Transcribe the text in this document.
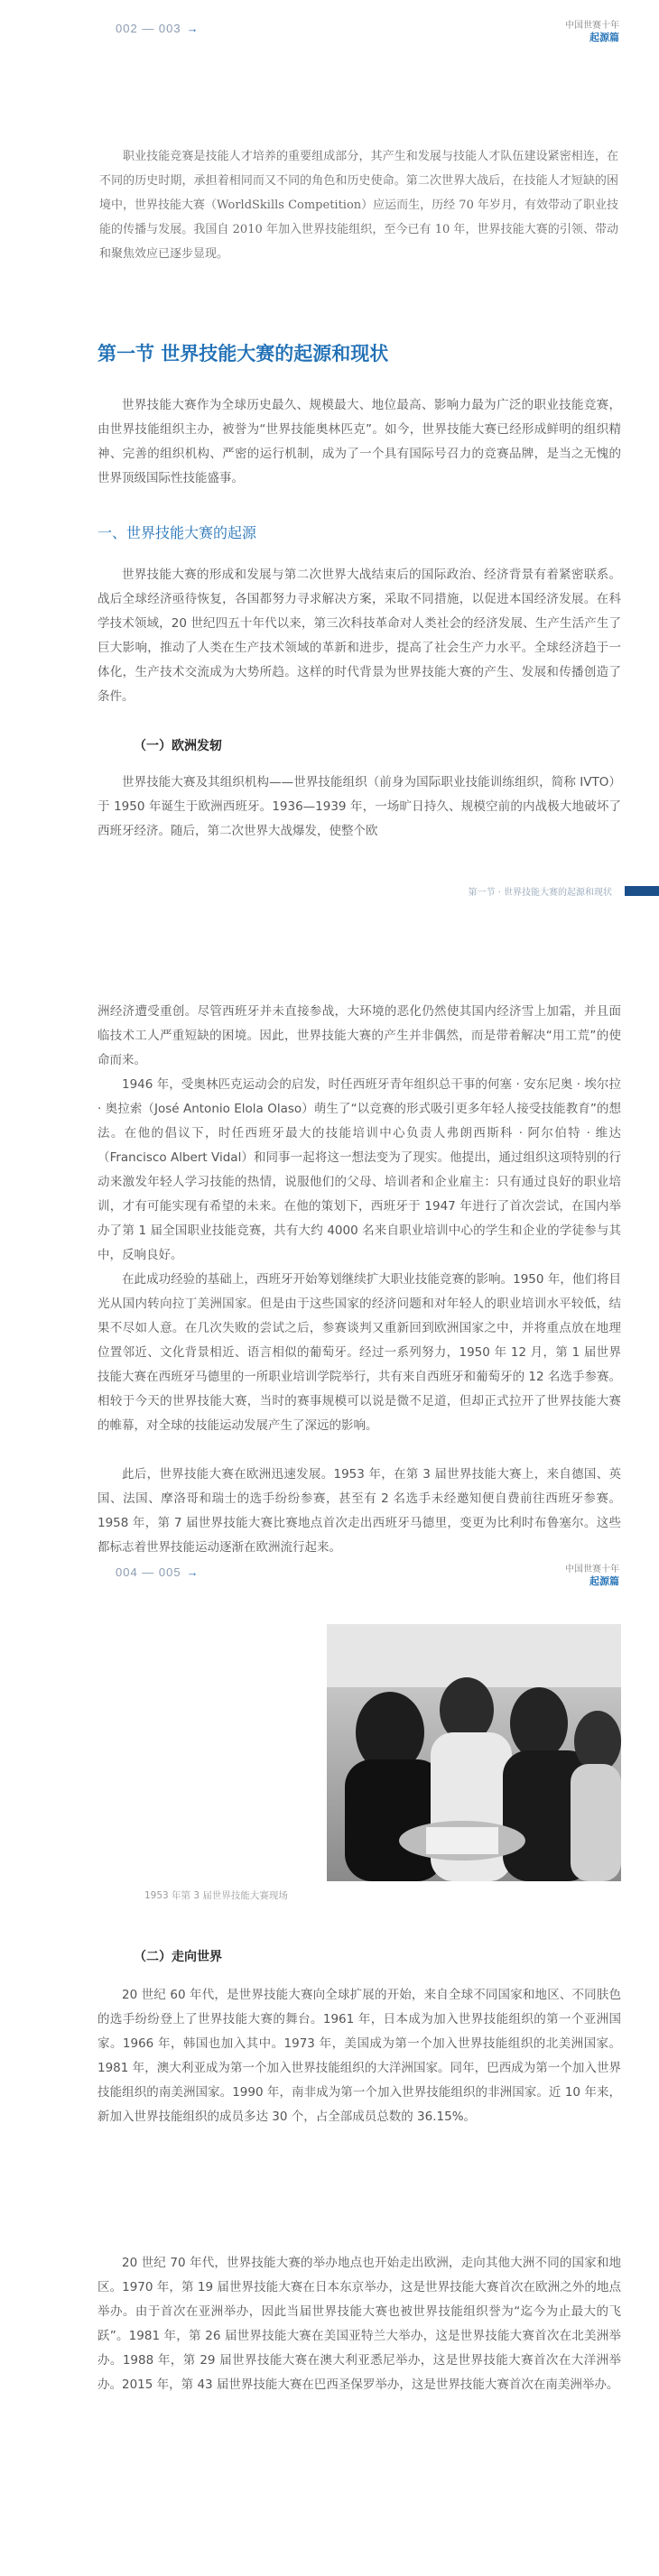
002 — 003 →	中国世赛十年
起源篇

职业技能竞赛是技能人才培养的重要组成部分，其产生和发展与技能人才队伍建设紧密相连，在不同的历史时期，承担着相同而又不同的角色和历史使命。第二次世界大战后，在技能人才短缺的困境中，世界技能大赛（WorldSkills Competition）应运而生，历经 70 年岁月，有效带动了职业技能的传播与发展。我国自 2010 年加入世界技能组织，至今已有 10 年，世界技能大赛的引领、带动和聚焦效应已逐步显现。

第一节 世界技能大赛的起源和现状

世界技能大赛作为全球历史最久、规模最大、地位最高、影响力最为广泛的职业技能竞赛，由世界技能组织主办，被誉为“世界技能奥林匹克”。如今，世界技能大赛已经形成鲜明的组织精神、完善的组织机构、严密的运行机制，成为了一个具有国际号召力的竞赛品牌，是当之无愧的世界顶级国际性技能盛事。

一、世界技能大赛的起源

世界技能大赛的形成和发展与第二次世界大战结束后的国际政治、经济背景有着紧密联系。战后全球经济亟待恢复，各国都努力寻求解决方案，采取不同措施，以促进本国经济发展。在科学技术领域，20 世纪四五十年代以来，第三次科技革命对人类社会的经济发展、生产生活产生了巨大影响，推动了人类在生产技术领域的革新和进步，提高了社会生产力水平。全球经济趋于一体化，生产技术交流成为大势所趋。这样的时代背景为世界技能大赛的产生、发展和传播创造了条件。

（一）欧洲发轫

世界技能大赛及其组织机构——世界技能组织（前身为国际职业技能训练组织，简称 IVTO）于 1950 年诞生于欧洲西班牙。1936—1939 年，一场旷日持久、规模空前的内战极大地破坏了西班牙经济。随后，第二次世界大战爆发，使整个欧

第一节 · 世界技能大赛的起源和现状

洲经济遭受重创。尽管西班牙并未直接参战，大环境的恶化仍然使其国内经济雪上加霜，并且面临技术工人严重短缺的困境。因此，世界技能大赛的产生并非偶然，而是带着解决“用工荒”的使命而来。

1946 年，受奥林匹克运动会的启发，时任西班牙青年组织总干事的何塞 · 安东尼奥 · 埃尔拉 · 奥拉索（José Antonio Elola Olaso）萌生了“以竞赛的形式吸引更多年轻人接受技能教育”的想法。在他的倡议下，时任西班牙最大的技能培训中心负责人弗朗西斯科 · 阿尔伯特 · 维达（Francisco Albert Vidal）和同事一起将这一想法变为了现实。他提出，通过组织这项特别的行动来激发年轻人学习技能的热情，说服他们的父母、培训者和企业雇主：只有通过良好的职业培训，才有可能实现有希望的未来。在他的策划下，西班牙于 1947 年进行了首次尝试，在国内举办了第 1 届全国职业技能竞赛，共有大约 4000 名来自职业培训中心的学生和企业的学徒参与其中，反响良好。

在此成功经验的基础上，西班牙开始筹划继续扩大职业技能竞赛的影响。1950 年，他们将目光从国内转向拉丁美洲国家。但是由于这些国家的经济问题和对年轻人的职业培训水平较低，结果不尽如人意。在几次失败的尝试之后，参赛谈判又重新回到欧洲国家之中，并将重点放在地理位置邻近、文化背景相近、语言相似的葡萄牙。经过一系列努力，1950 年 12 月，第 1 届世界技能大赛在西班牙马德里的一所职业培训学院举行，共有来自西班牙和葡萄牙的 12 名选手参赛。相较于今天的世界技能大赛，当时的赛事规模可以说是微不足道，但却正式拉开了世界技能大赛的帷幕，对全球的技能运动发展产生了深远的影响。

此后，世界技能大赛在欧洲迅速发展。1953 年，在第 3 届世界技能大赛上，来自德国、英国、法国、摩洛哥和瑞士的选手纷纷参赛，甚至有 2 名选手未经邀知便自费前往西班牙参赛。1958 年，第 7 届世界技能大赛比赛地点首次走出西班牙马德里，变更为比利时布鲁塞尔。这些都标志着世界技能运动逐渐在欧洲流行起来。

004 — 005 →	中国世赛十年
起源篇
1953 年第 3 届世界技能大赛现场
（二）走向世界

20 世纪 60 年代，是世界技能大赛向全球扩展的开始，来自全球不同国家和地区、不同肤色的选手纷纷登上了世界技能大赛的舞台。1961 年，日本成为加入世界技能组织的第一个亚洲国家。1966 年，韩国也加入其中。1973 年，美国成为第一个加入世界技能组织的北美洲国家。1981 年，澳大利亚成为第一个加入世界技能组织的大洋洲国家。同年，巴西成为第一个加入世界技能组织的南美洲国家。1990 年，南非成为第一个加入世界技能组织的非洲国家。近 10 年来，新加入世界技能组织的成员多达 30 个，占全部成员总数的 36.15%。

20 世纪 70 年代，世界技能大赛的举办地点也开始走出欧洲，走向其他大洲不同的国家和地区。1970 年，第 19 届世界技能大赛在日本东京举办，这是世界技能大赛首次在欧洲之外的地点举办。由于首次在亚洲举办，因此当届世界技能大赛也被世界技能组织誉为“迄今为止最大的飞跃”。1981 年，第 26 届世界技能大赛在美国亚特兰大举办，这是世界技能大赛首次在北美洲举办。1988 年，第 29 届世界技能大赛在澳大利亚悉尼举办，这是世界技能大赛首次在大洋洲举办。2015 年，第 43 届世界技能大赛在巴西圣保罗举办，这是世界技能大赛首次在南美洲举办。
